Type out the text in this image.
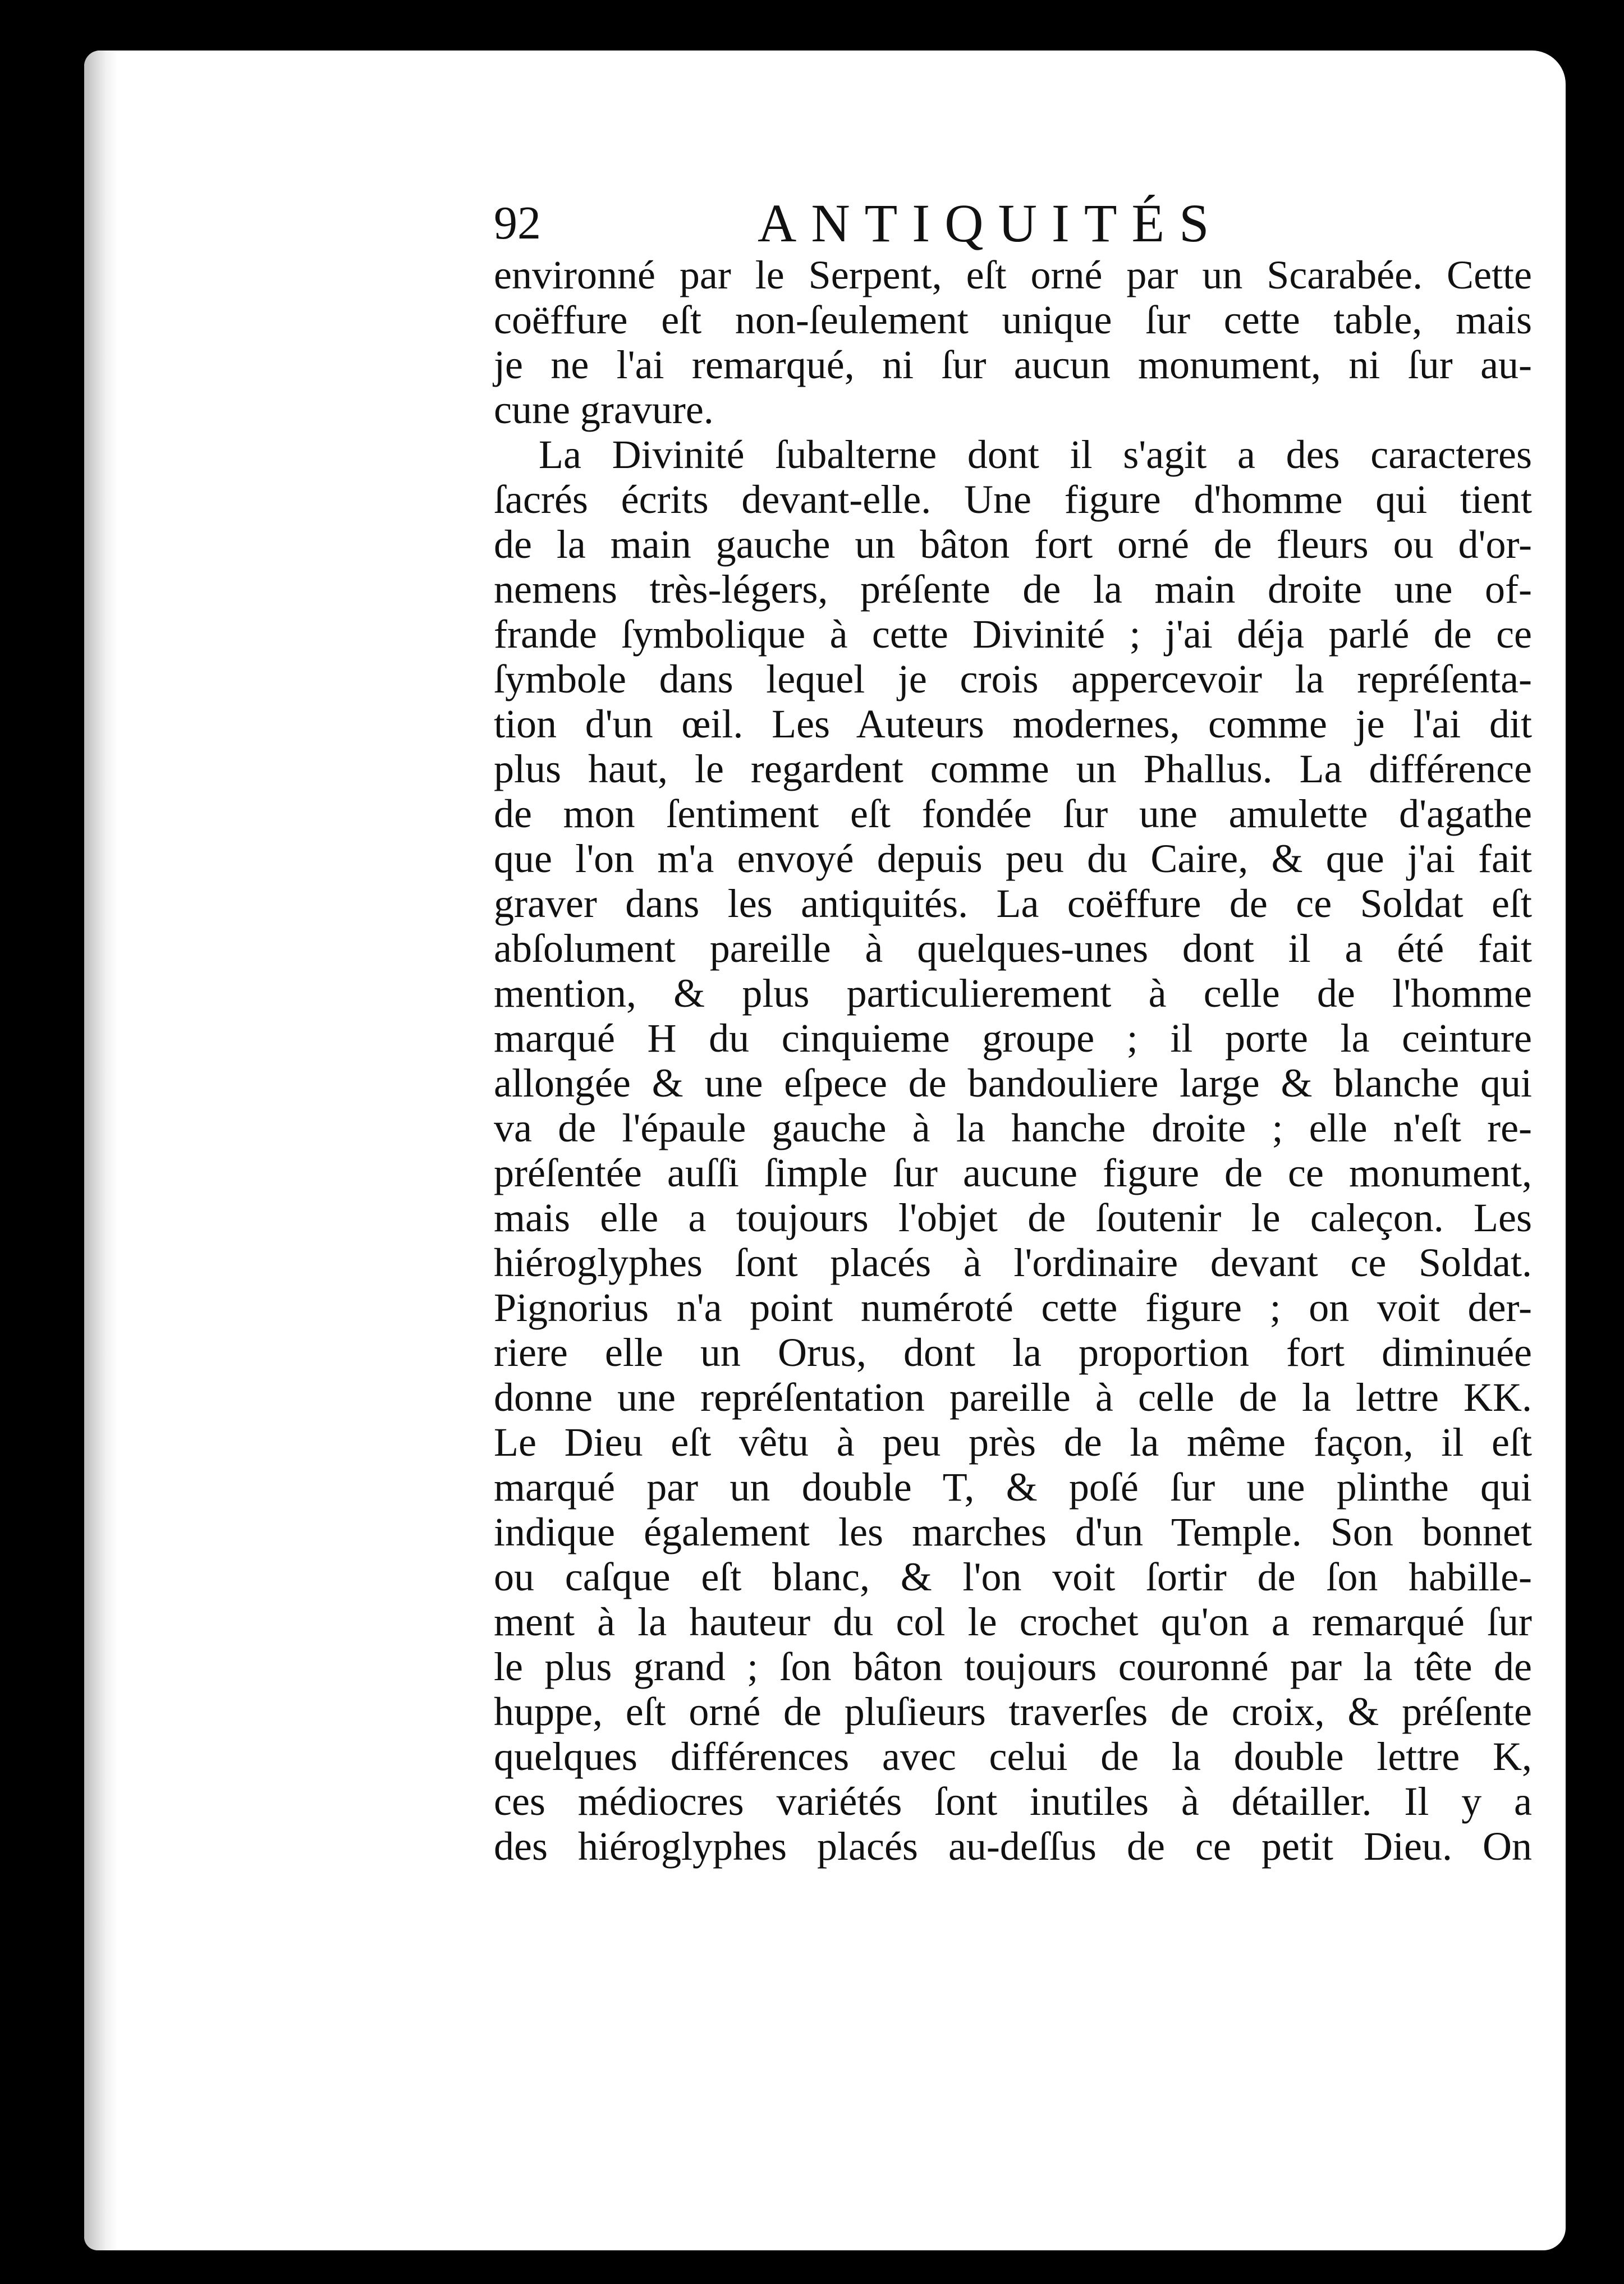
92	ANTIQUITÉS
environné par le Serpent, eſt orné par un Scarabée. Cette
coëffure eſt non-ſeulement unique ſur cette table, mais
je ne l'ai remarqué, ni ſur aucun monument, ni ſur au-
cune gravure.
La Divinité ſubalterne dont il s'agit a des caracteres
ſacrés écrits devant-elle. Une figure d'homme qui tient
de la main gauche un bâton fort orné de fleurs ou d'or-
nemens très-légers, préſente de la main droite une of-
frande ſymbolique à cette Divinité ; j'ai déja parlé de ce
ſymbole dans lequel je crois appercevoir la repréſenta-
tion d'un œil. Les Auteurs modernes, comme je l'ai dit
plus haut, le regardent comme un Phallus. La différence
de mon ſentiment eſt fondée ſur une amulette d'agathe
que l'on m'a envoyé depuis peu du Caire, & que j'ai fait
graver dans les antiquités. La coëffure de ce Soldat eſt
abſolument pareille à quelques-unes dont il a été fait
mention, & plus particulierement à celle de l'homme
marqué H du cinquieme groupe ; il porte la ceinture
allongée & une eſpece de bandouliere large & blanche qui
va de l'épaule gauche à la hanche droite ; elle n'eſt re-
préſentée auſſi ſimple ſur aucune figure de ce monument,
mais elle a toujours l'objet de ſoutenir le caleçon. Les
hiéroglyphes ſont placés à l'ordinaire devant ce Soldat.
Pignorius n'a point numéroté cette figure ; on voit der-
riere elle un Orus, dont la proportion fort diminuée
donne une repréſentation pareille à celle de la lettre KK.
Le Dieu eſt vêtu à peu près de la même façon, il eſt
marqué par un double T, & poſé ſur une plinthe qui
indique également les marches d'un Temple. Son bonnet
ou caſque eſt blanc, & l'on voit ſortir de ſon habille-
ment à la hauteur du col le crochet qu'on a remarqué ſur
le plus grand ; ſon bâton toujours couronné par la tête de
huppe, eſt orné de pluſieurs traverſes de croix, & préſente
quelques différences avec celui de la double lettre K,
ces médiocres variétés ſont inutiles à détailler. Il y a
des hiéroglyphes placés au-deſſus de ce petit Dieu. On
